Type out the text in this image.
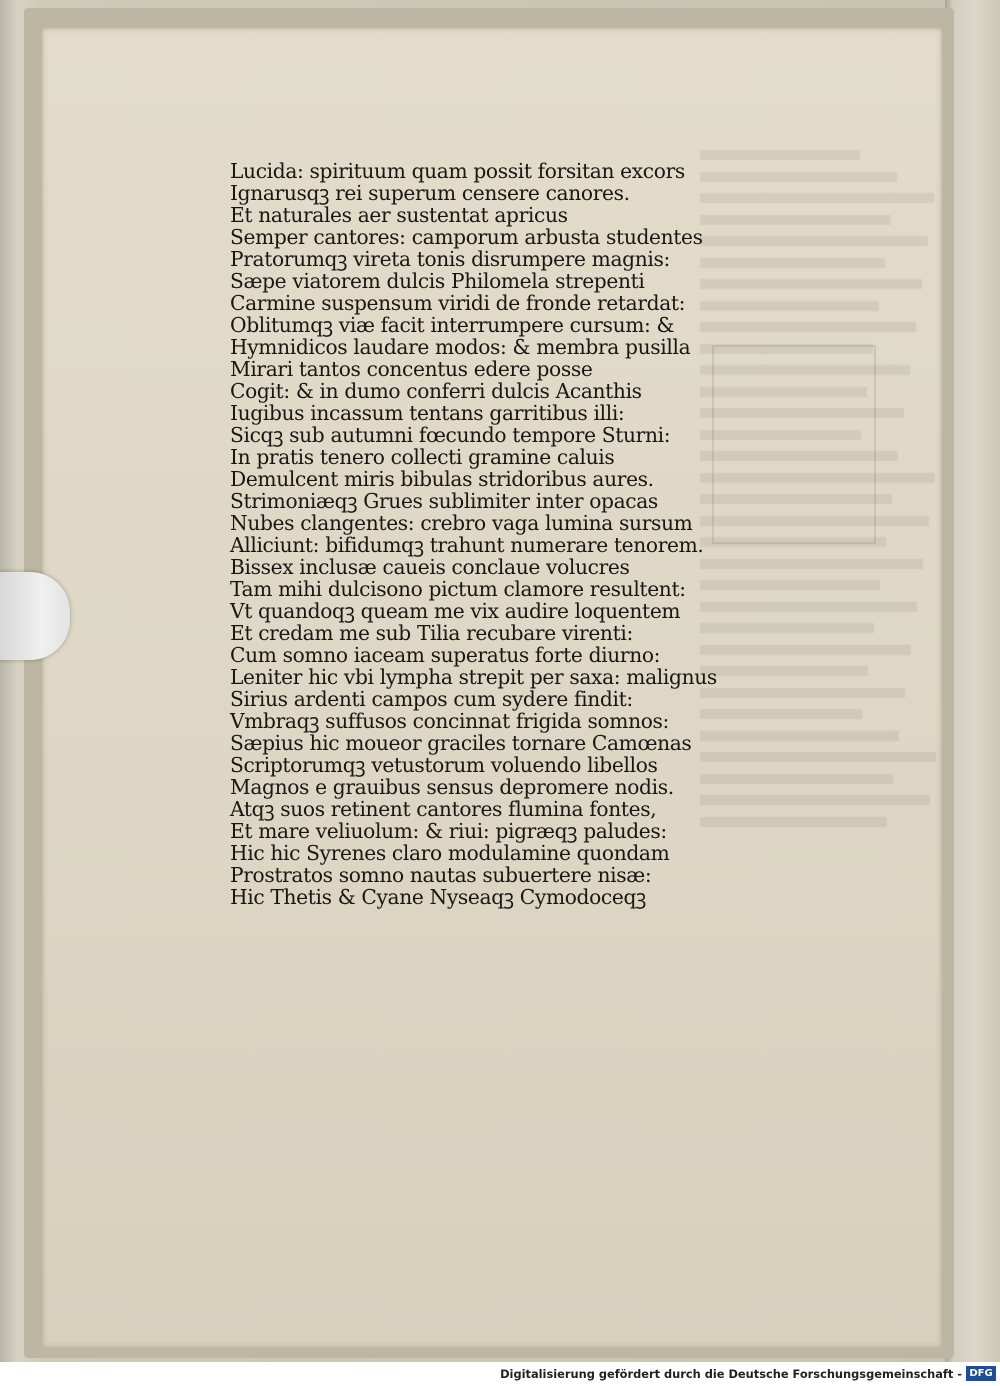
Lucida: spirituum quam possit forsitan excors
Ignarusqꝫ rei superum censere canores.
Et naturales aer sustentat apricus
Semper cantores: camporum arbusta studentes
Pratorumqꝫ vireta tonis disrumpere magnis:
Sæpe viatorem dulcis Philomela strepenti
Carmine suspensum viridi de fronde retardat:
Oblitumqꝫ viæ facit interrumpere cursum: &
Hymnidicos laudare modos: & membra pusilla
Mirari tantos concentus edere posse
Cogit: & in dumo conferri dulcis Acanthis
Iugibus incassum tentans garritibus illi:
Sicqꝫ sub autumni fœcundo tempore Sturni:
In pratis tenero collecti gramine caluis
Demulcent miris bibulas stridoribus aures.
Strimoniæqꝫ Grues sublimiter inter opacas
Nubes clangentes: crebro vaga lumina sursum
Alliciunt: bifidumqꝫ trahunt numerare tenorem.
Bissex inclusæ caueis conclaue volucres
Tam mihi dulcisono pictum clamore resultent:
Vt quandoqꝫ queam me vix audire loquentem
Et credam me sub Tilia recubare virenti:
Cum somno iaceam superatus forte diurno:
Leniter hic vbi lympha strepit per saxa: malignus
Sirius ardenti campos cum sydere findit:
Vmbraqꝫ suffusos concinnat frigida somnos:
Sæpius hic moueor graciles tornare Camœnas
Scriptorumqꝫ vetustorum voluendo libellos
Magnos e grauibus sensus depromere nodis.
Atqꝫ suos retinent cantores flumina fontes,
Et mare veliuolum: & riui: pigræqꝫ paludes:
Hic hic Syrenes claro modulamine quondam
Prostratos somno nautas subuertere nisæ:
Hic Thetis & Cyane Nyseaqꝫ Cymodoceqꝫ
Digitalisierung gefördert durch die Deutsche Forschungsgemeinschaft - DFG
